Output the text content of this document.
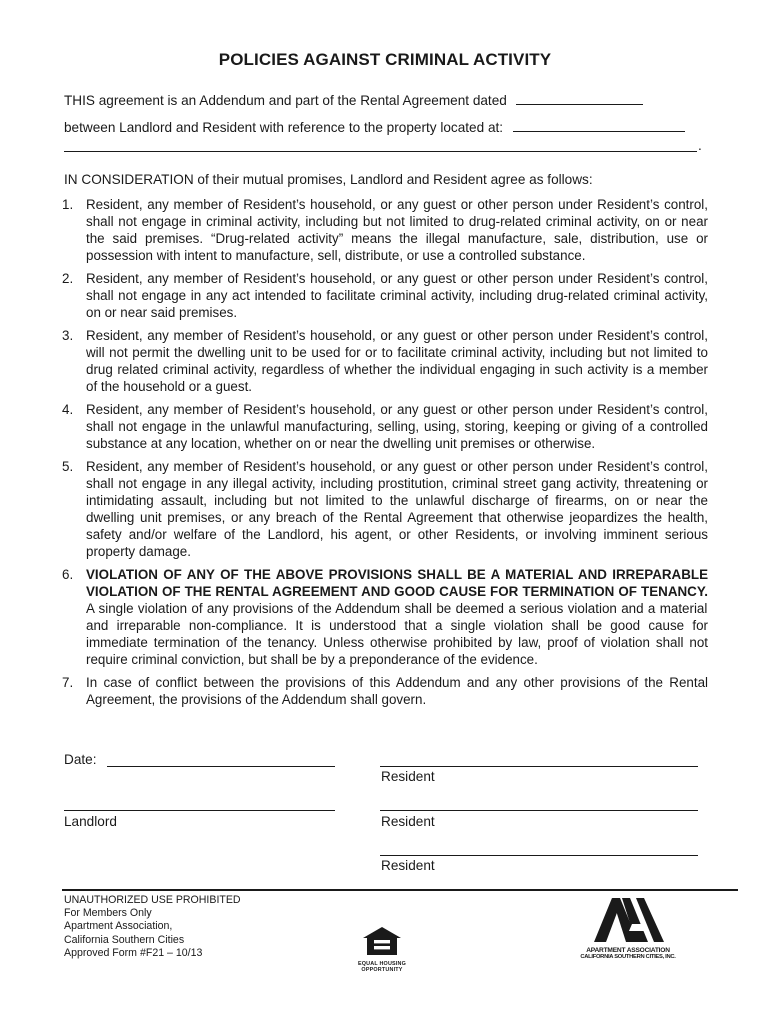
POLICIES AGAINST CRIMINAL ACTIVITY
THIS agreement is an Addendum and part of the Rental Agreement dated
between Landlord and Resident with reference to the property located at:
.
IN CONSIDERATION of their mutual promises, Landlord and Resident agree as follows:
1. Resident, any member of Resident’s household, or any guest or other person under Resident’s control, shall not engage in criminal activity, including but not limited to drug-related criminal activity, on or near the said premises. “Drug-related activity” means the illegal manufacture, sale, distribution, use or possession with intent to manufacture, sell, distribute, or use a controlled substance.
2. Resident, any member of Resident’s household, or any guest or other person under Resident’s control, shall not engage in any act intended to facilitate criminal activity, including drug-related criminal activity, on or near said premises.
3. Resident, any member of Resident’s household, or any guest or other person under Resident’s control, will not permit the dwelling unit to be used for or to facilitate criminal activity, including but not limited to drug related criminal activity, regardless of whether the individual engaging in such activity is a member of the household or a guest.
4. Resident, any member of Resident’s household, or any guest or other person under Resident’s control, shall not engage in the unlawful manufacturing, selling, using, storing, keeping or giving of a controlled substance at any location, whether on or near the dwelling unit premises or otherwise.
5. Resident, any member of Resident’s household, or any guest or other person under Resident’s control, shall not engage in any illegal activity, including prostitution, criminal street gang activity, threatening or intimidating assault, including but not limited to the unlawful discharge of firearms, on or near the dwelling unit premises, or any breach of the Rental Agreement that otherwise jeopardizes the health, safety and/or welfare of the Landlord, his agent, or other Residents, or involving imminent serious property damage.
6. VIOLATION OF ANY OF THE ABOVE PROVISIONS SHALL BE A MATERIAL AND IRREPARABLE VIOLATION OF THE RENTAL AGREEMENT AND GOOD CAUSE FOR TERMINATION OF TENANCY. A single violation of any provisions of the Addendum shall be deemed a serious violation and a material and irreparable non-compliance. It is understood that a single violation shall be good cause for immediate termination of the tenancy. Unless otherwise prohibited by law, proof of violation shall not require criminal conviction, but shall be by a preponderance of the evidence.
7. In case of conflict between the provisions of this Addendum and any other provisions of the Rental Agreement, the provisions of the Addendum shall govern.
Date:
Resident
Landlord	Resident
Resident
UNAUTHORIZED USE PROHIBITED
For Members Only
Apartment Association,
California Southern Cities
Approved Form #F21 – 10/13
EQUAL HOUSING
OPPORTUNITY
APARTMENT ASSOCIATION
CALIFORNIA SOUTHERN CITIES, INC.
